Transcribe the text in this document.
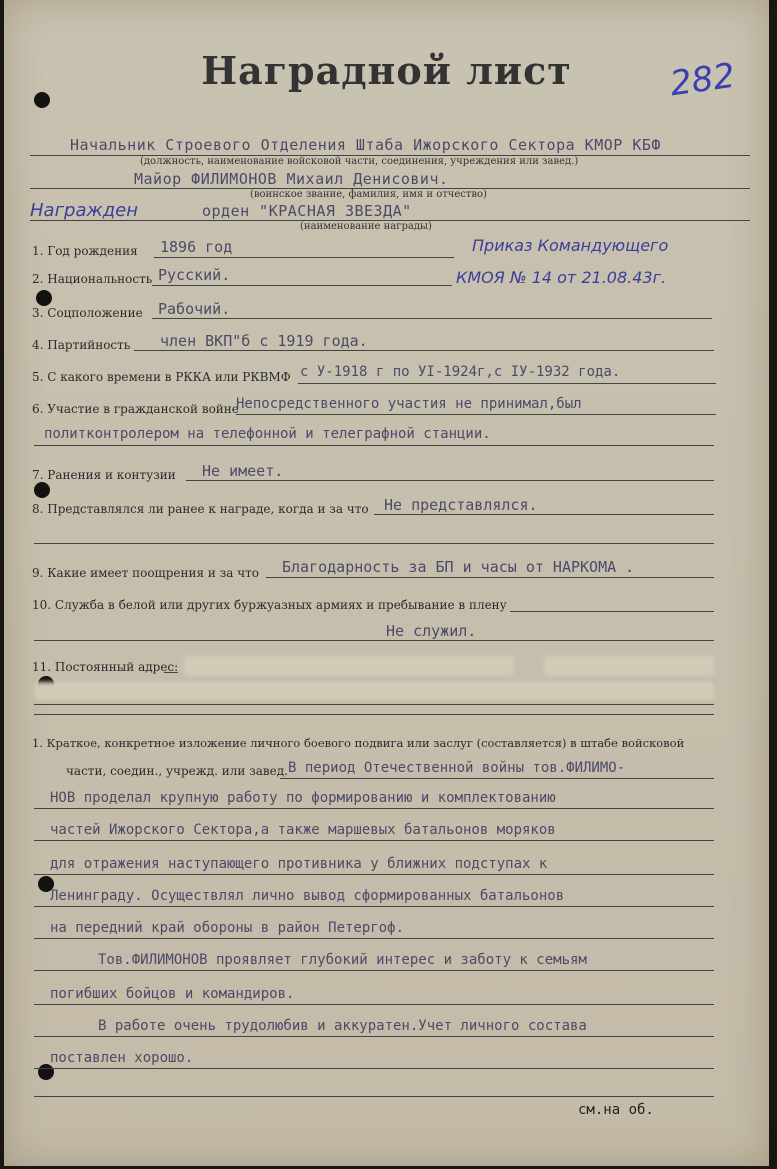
Наградной лист	282
Начальник Строевого Отделения Штаба Ижорского Сектора КМОР КБФ
(должность, наименование войсковой части, соединения, учреждения или завед.)
Майор ФИЛИМОНОВ Михаил Денисович.
(воинское звание, фамилия, имя и отчество)
Награжден	орден "КРАСНАЯ ЗВЕЗДА"
(наименование награды)
Приказ Командующего
КМОЯ № 14 от 21.08.43г.
1. Год рождения 1896 год
2. Национальность Русский.
3. Соцположение Рабочий.
4. Партийность член ВКП"б с 1919 года.
5. С какого времени в РККА или РКВМФ с У-1918 г по УI-1924г,с IУ-1932 года.
6. Участие в гражданской войне
Непосредственного участия не принимал,был
политконтролером на телефонной и телеграфной станции.
7. Ранения и контузии Не имеет.
8. Представлялся ли ранее к награде, когда и за что Не представлялся.
9. Какие имеет поощрения и за что Благодарность за БП и часы от НАРКОМА .
10. Служба в белой или других буржуазных армиях и пребывание в плену
Не служил.
11. Постоянный адрес:
1. Краткое, конкретное изложение личного боевого подвига или заслуг (составляется) в штабе войсковой
части, соедин., учрежд. или завед. В период Отечественной войны тов.ФИЛИМО-
НОВ проделал крупную работу по формированию и комплектованию
частей Ижорского Сектора,а также маршевых батальонов моряков
для отражения наступающего противника у ближних подступах к
Ленинграду. Осуществлял лично вывод сформированных батальонов
на передний край обороны в район Петергоф.
Тов.ФИЛИМОНОВ проявляет глубокий интерес и заботу к семьям
погибших бойцов и командиров.
В работе очень трудолюбив и аккуратен.Учет личного состава
поставлен хорошо.
см.на об.
